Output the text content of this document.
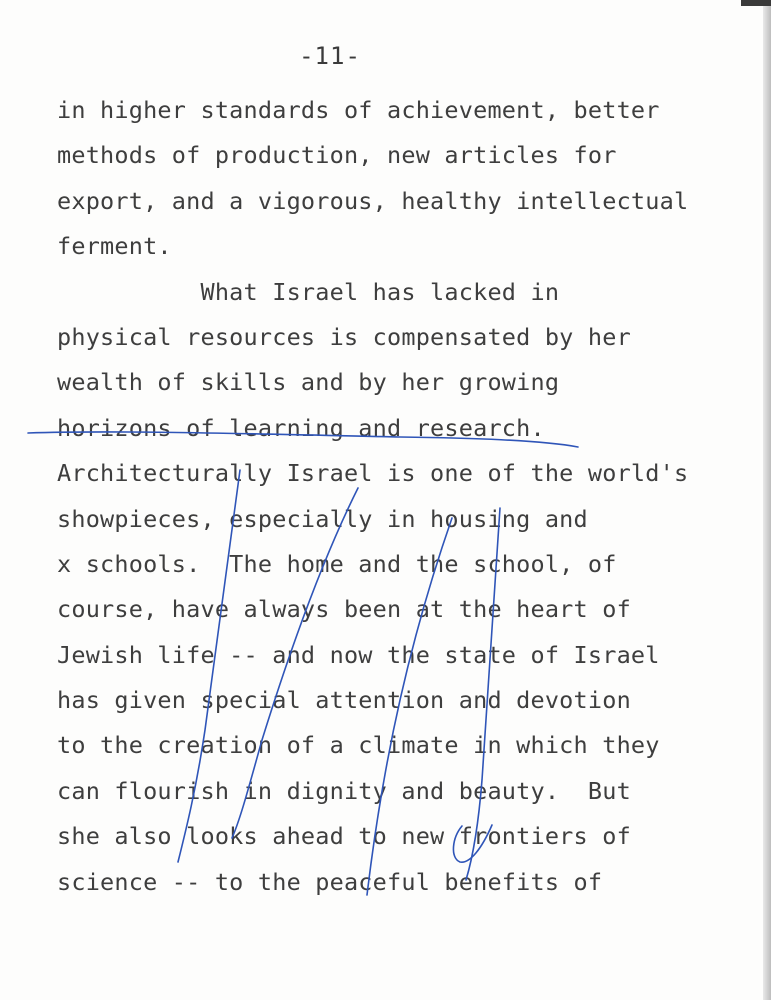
-11-
in higher standards of achievement, better
methods of production, new articles for
export, and a vigorous, healthy intellectual
ferment.
What Israel has lacked in
physical resources is compensated by her
wealth of skills and by her growing
horizons of learning and research.
Architecturally Israel is one of the world's
showpieces, especially in housing and
x schools.  The home and the school, of
course, have always been at the heart of
Jewish life -- and now the state of Israel
has given special attention and devotion
to the creation of a climate in which they
can flourish in dignity and beauty.  But
she also looks ahead to new frontiers of
science -- to the peaceful benefits of
